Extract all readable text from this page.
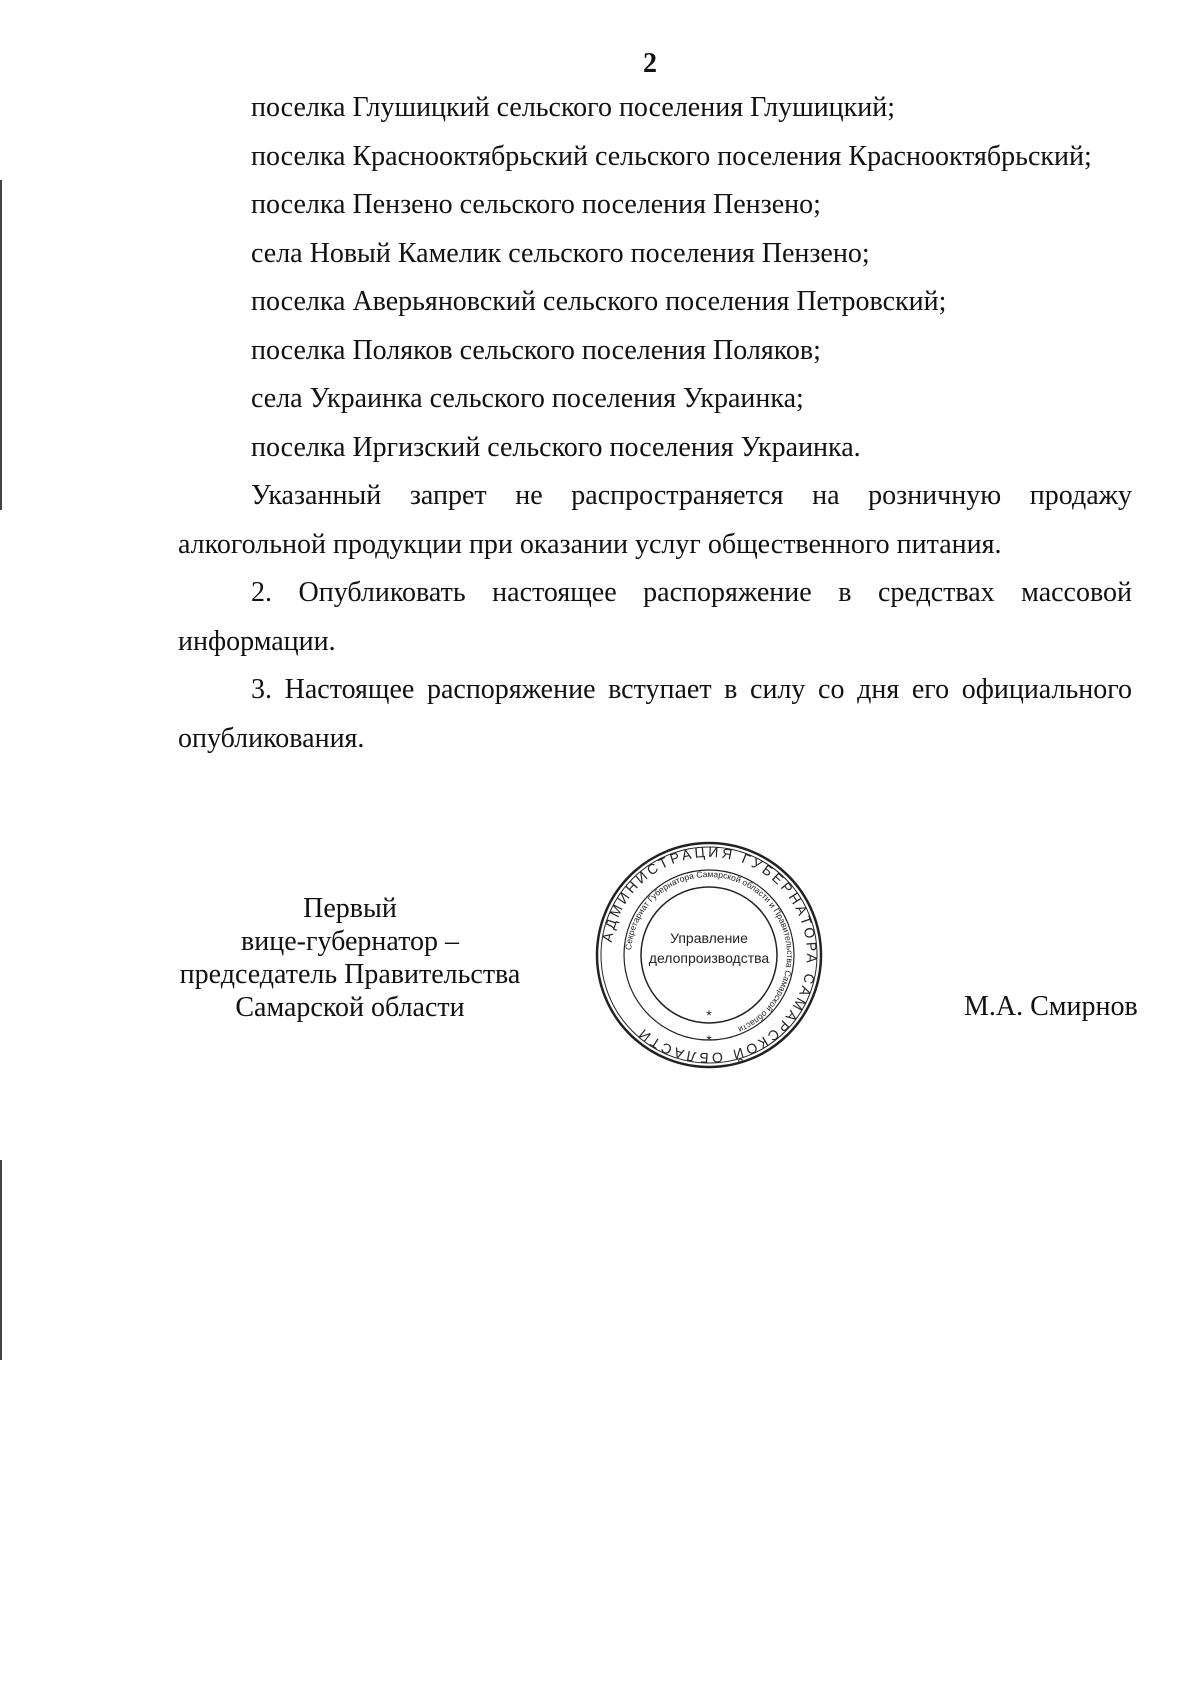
2
поселка Глушицкий сельского поселения Глушицкий;
поселка Краснооктябрьский сельского поселения Краснооктябрьский;
поселка Пензено сельского поселения Пензено;
села Новый Камелик сельского поселения Пензено;
поселка Аверьяновский сельского поселения Петровский;
поселка Поляков сельского поселения Поляков;
села Украинка сельского поселения Украинка;
поселка Иргизский сельского поселения Украинка.
Указанный запрет не распространяется на розничную продажу алкогольной продукции при оказании услуг общественного питания.
2. Опубликовать настоящее распоряжение в средствах массовой информации.
3. Настоящее распоряжение вступает в силу со дня его официального опубликования.
Первый
вице-губернатор –
председатель Правительства
Самарской области
АДМИНИСТРАЦИЯ ГУБЕРНАТОРА САМАРСКОЙ ОБЛАСТИ
Секретариат Губернатора Самарской области и Правительства Самарской области
*
*
Управление
делопроизводства
М.А. Смирнов
